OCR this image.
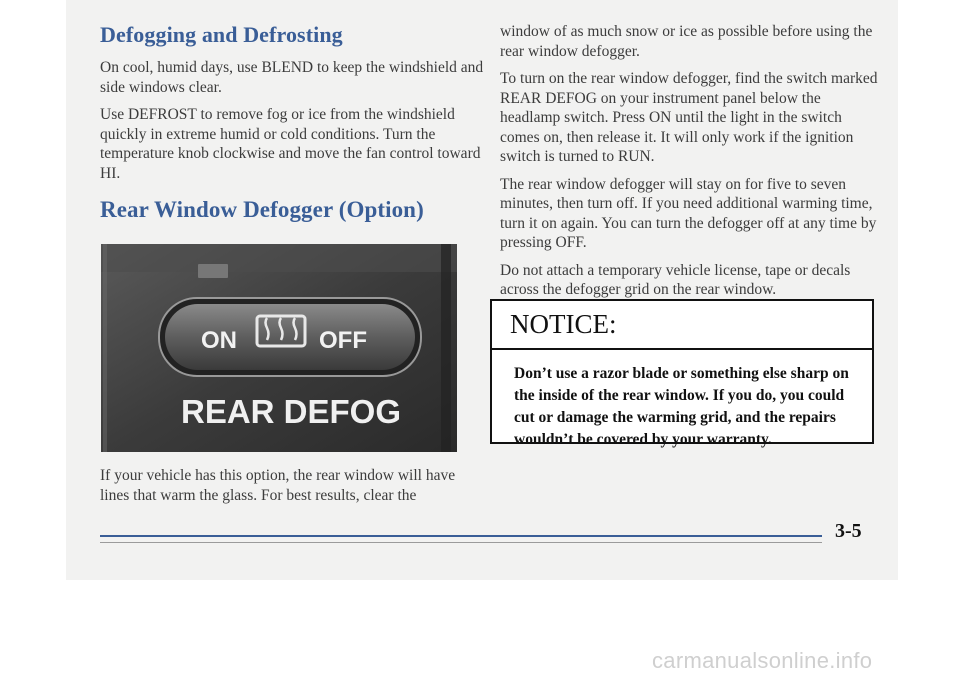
Defogging and Defrosting

On cool, humid days, use BLEND to keep the windshield and side windows clear.

Use DEFROST to remove fog or ice from the windshield quickly in extreme humid or cold conditions. Turn the temperature knob clockwise and move the fan control toward HI.

Rear Window Defogger (Option)
ON	OFF
REAR DEFOG

If your vehicle has this option, the rear window will have lines that warm the glass. For best results, clear the

window of as much snow or ice as possible before using the rear window defogger.

To turn on the rear window defogger, find the switch marked REAR DEFOG on your instrument panel below the headlamp switch. Press ON until the light in the switch comes on, then release it. It will only work if the ignition switch is turned to RUN.

The rear window defogger will stay on for five to seven minutes, then turn off. If you need additional warming time, turn it on again. You can turn the defogger off at any time by pressing OFF.

Do not attach a temporary vehicle license, tape or decals across the defogger grid on the rear window.

NOTICE:
Don’t use a razor blade or something else sharp on the inside of the rear window. If you do, you could cut or damage the warming grid, and the repairs wouldn’t be covered by your warranty.
3-5
carmanualsonline.info
